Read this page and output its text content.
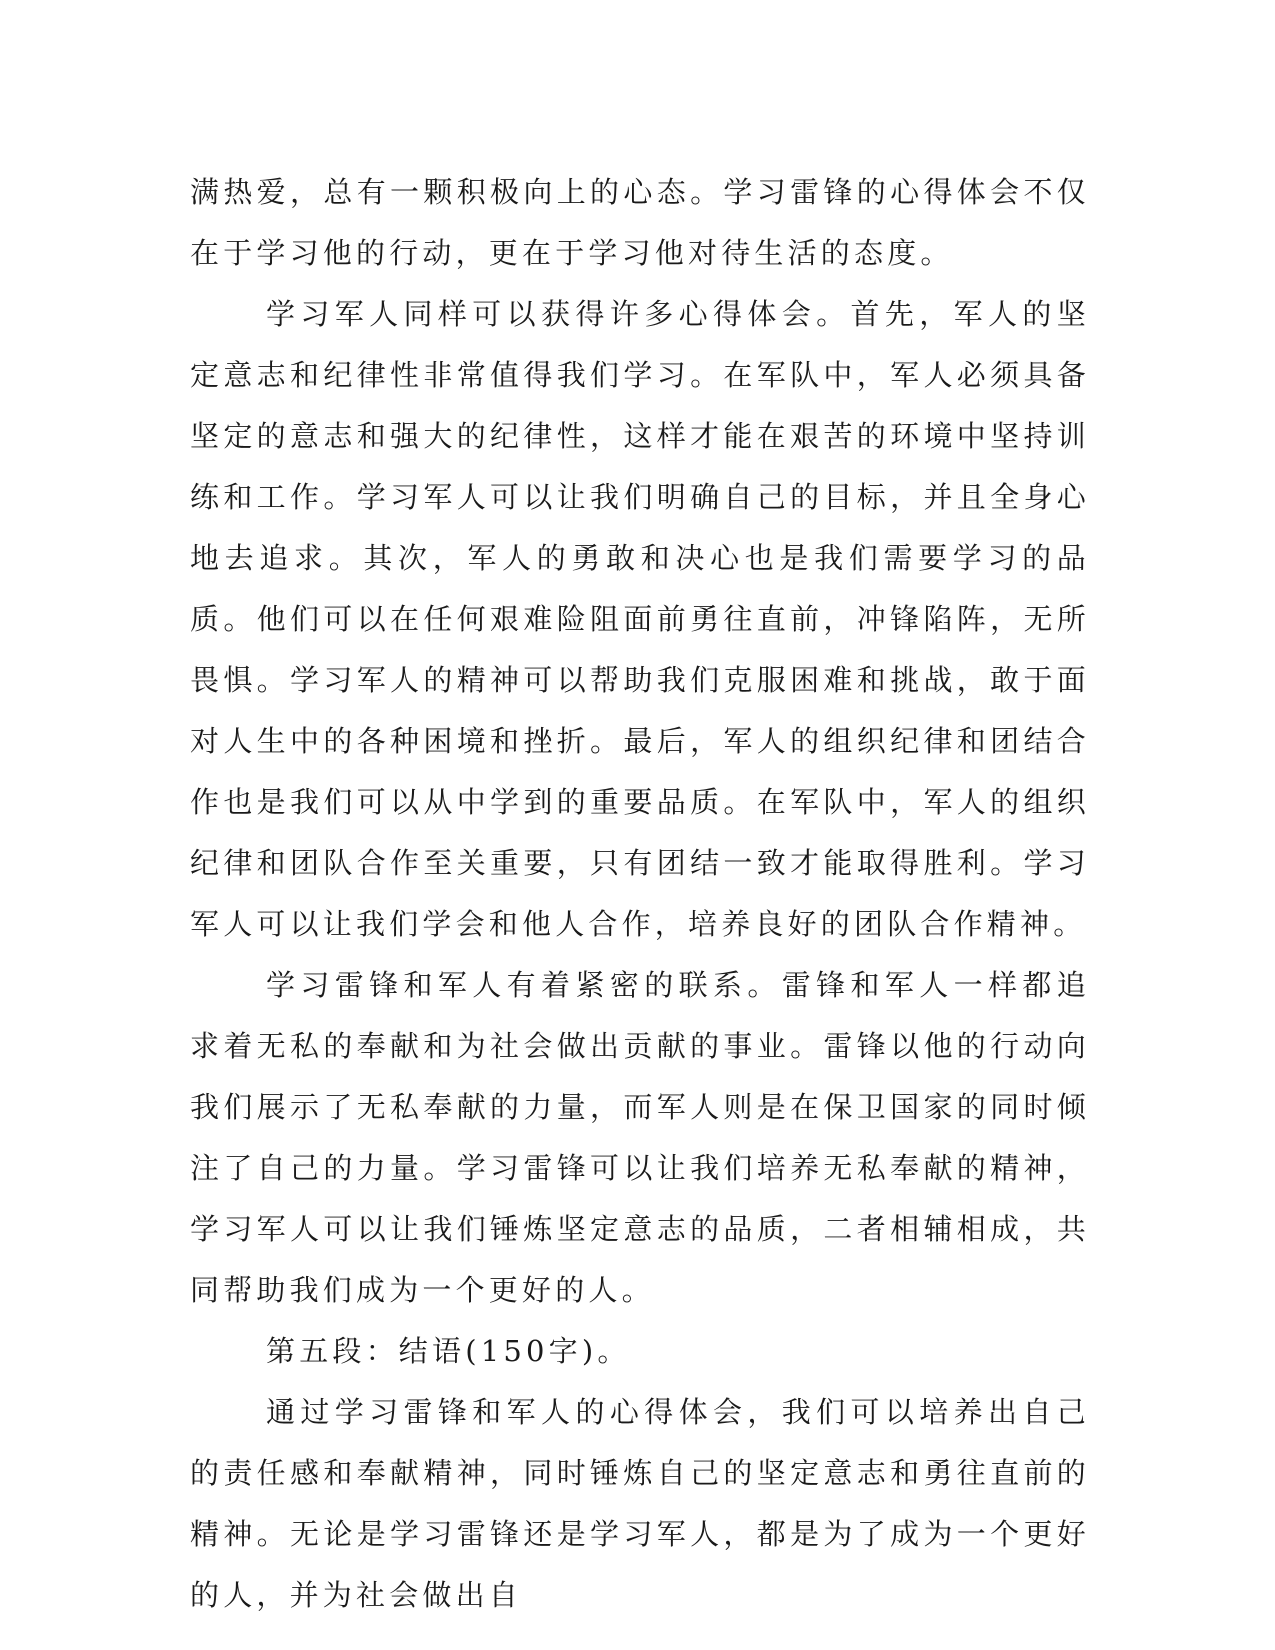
满热爱，总有一颗积极向上的心态。学习雷锋的心得体会不仅在于学习他的行动，更在于学习他对待生活的态度。

学习军人同样可以获得许多心得体会。首先，军人的坚定意志和纪律性非常值得我们学习。在军队中，军人必须具备坚定的意志和强大的纪律性，这样才能在艰苦的环境中坚持训练和工作。学习军人可以让我们明确自己的目标，并且全身心地去追求。其次，军人的勇敢和决心也是我们需要学习的品质。他们可以在任何艰难险阻面前勇往直前，冲锋陷阵，无所畏惧。学习军人的精神可以帮助我们克服困难和挑战，敢于面对人生中的各种困境和挫折。最后，军人的组织纪律和团结合作也是我们可以从中学到的重要品质。在军队中，军人的组织纪律和团队合作至关重要，只有团结一致才能取得胜利。学习军人可以让我们学会和他人合作，培养良好的团队合作精神。

学习雷锋和军人有着紧密的联系。雷锋和军人一样都追求着无私的奉献和为社会做出贡献的事业。雷锋以他的行动向我们展示了无私奉献的力量，而军人则是在保卫国家的同时倾注了自己的力量。学习雷锋可以让我们培养无私奉献的精神，学习军人可以让我们锤炼坚定意志的品质，二者相辅相成，共同帮助我们成为一个更好的人。

第五段：结语(150字)。

通过学习雷锋和军人的心得体会，我们可以培养出自己的责任感和奉献精神，同时锤炼自己的坚定意志和勇往直前的精神。无论是学习雷锋还是学习军人，都是为了成为一个更好的人，并为社会做出自
